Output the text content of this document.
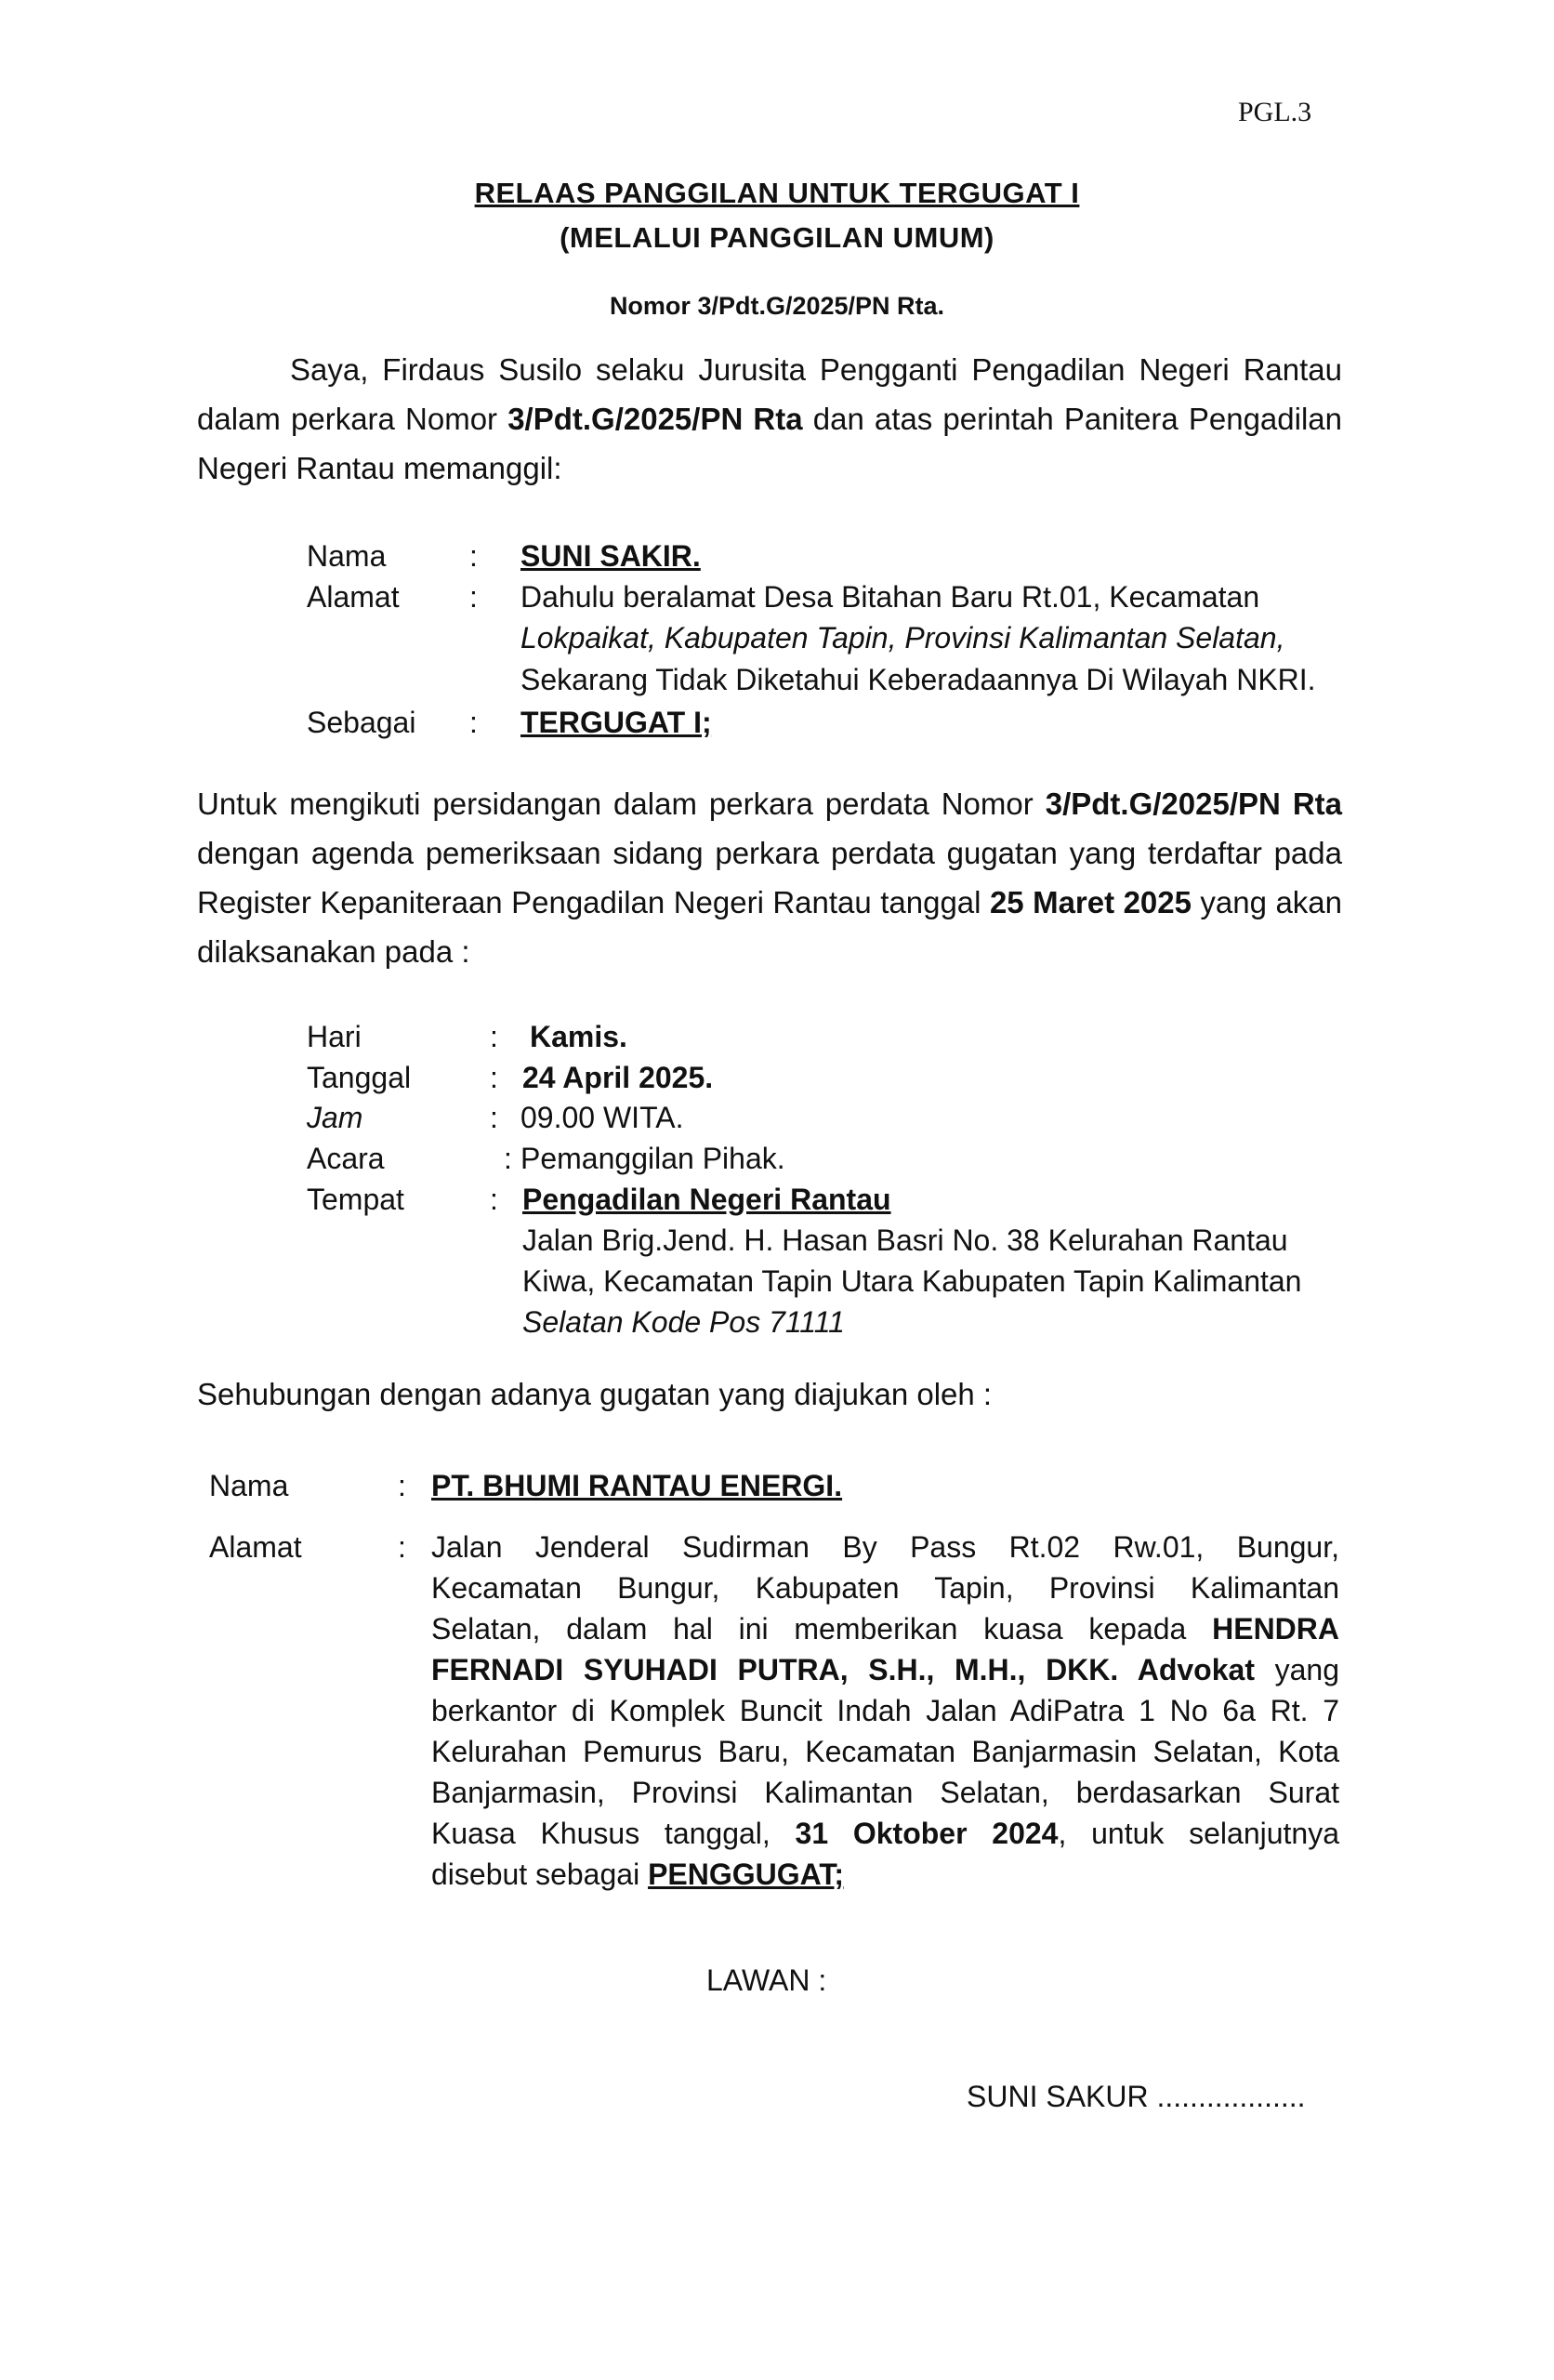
PGL.3
RELAAS PANGGILAN UNTUK TERGUGAT I
(MELALUI PANGGILAN UMUM)
Nomor 3/Pdt.G/2025/PN Rta.

Saya, Firdaus Susilo selaku Jurusita Pengganti Pengadilan Negeri Rantau dalam perkara Nomor 3/Pdt.G/2025/PN Rta dan atas perintah Panitera Pengadilan Negeri Rantau memanggil:

Nama	: SUNI SAKIR.
Alamat : Dahulu beralamat Desa Bitahan Baru Rt.01, Kecamatan
Lokpaikat, Kabupaten Tapin, Provinsi Kalimantan Selatan,
Sekarang Tidak Diketahui Keberadaannya Di Wilayah NKRI.
Sebagai : TERGUGAT I;

Untuk mengikuti persidangan dalam perkara perdata Nomor 3/Pdt.G/2025/PN Rta dengan agenda pemeriksaan sidang perkara perdata gugatan yang terdaftar pada Register Kepaniteraan Pengadilan Negeri Rantau tanggal 25 Maret 2025 yang akan dilaksanakan pada :

Hari	: Kamis.
Tanggal	: 24 April 2025.
Jam	: 09.00 WITA.
Acara	: Pemanggilan Pihak.
Tempat	: Pengadilan Negeri Rantau
Jalan Brig.Jend. H. Hasan Basri No. 38 Kelurahan Rantau
Kiwa, Kecamatan Tapin Utara Kabupaten Tapin Kalimantan
Selatan Kode Pos 71111
Sehubungan dengan adanya gugatan yang diajukan oleh :
Nama	: PT. BHUMI RANTAU ENERGI.
Alamat	: Jalan Jenderal Sudirman By Pass Rt.02 Rw.01, Bungur,
Kecamatan Bungur, Kabupaten Tapin, Provinsi Kalimantan
Selatan, dalam hal ini memberikan kuasa kepada HENDRA
FERNADI SYUHADI PUTRA, S.H., M.H., DKK. Advokat yang
berkantor di Komplek Buncit Indah Jalan AdiPatra 1 No 6a Rt. 7
Kelurahan Pemurus Baru, Kecamatan Banjarmasin Selatan, Kota
Banjarmasin, Provinsi Kalimantan Selatan, berdasarkan Surat
Kuasa Khusus tanggal, 31 Oktober 2024, untuk selanjutnya
disebut sebagai PENGGUGAT;
LAWAN :
SUNI SAKUR ..................
